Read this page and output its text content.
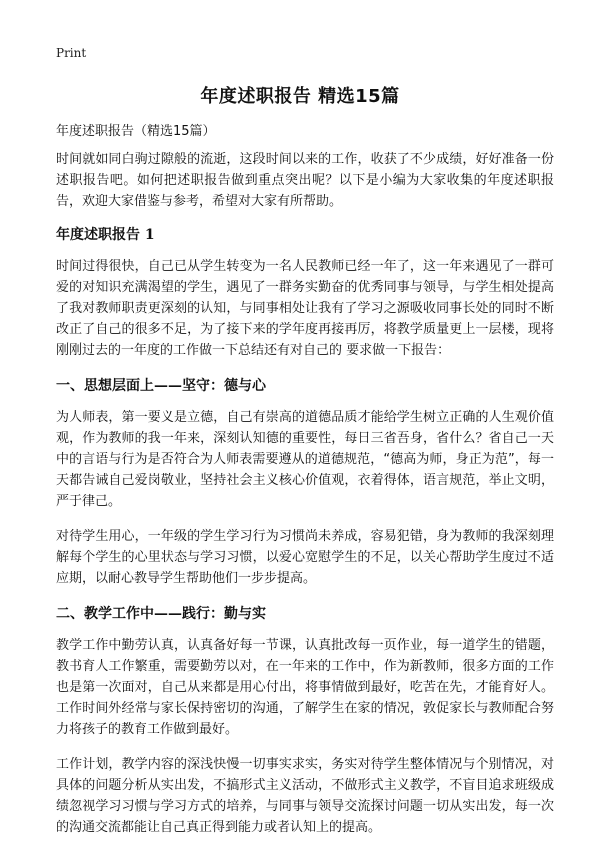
Print
年度述职报告 精选15篇
年度述职报告（精选15篇）

时间就如同白驹过隙般的流逝，这段时间以来的工作，收获了不少成绩，好好准备一份述职报告吧。如何把述职报告做到重点突出呢？以下是小编为大家收集的年度述职报告，欢迎大家借鉴与参考，希望对大家有所帮助。

年度述职报告 1

时间过得很快，自己已从学生转变为一名人民教师已经一年了，这一年来遇见了一群可爱的对知识充满渴望的学生，遇见了一群务实勤奋的优秀同事与领导，与学生相处提高了我对教师职责更深刻的认知，与同事相处让我有了学习之源吸收同事长处的同时不断改正了自己的很多不足，为了接下来的学年度再接再厉，将教学质量更上一层楼，现将刚刚过去的一年度的工作做一下总结还有对自己的 要求做一下报告：

一、思想层面上——坚守：德与心

为人师表，第一要义是立德，自己有崇高的道德品质才能给学生树立正确的人生观价值观，作为教师的我一年来，深刻认知德的重要性，每日三省吾身，省什么？省自己一天中的言语与行为是否符合为人师表需要遵从的道德规范，“德高为师，身正为范”，每一天都告诫自己爱岗敬业，坚持社会主义核心价值观，衣着得体，语言规范，举止文明，严于律己。

对待学生用心，一年级的学生学习行为习惯尚未养成，容易犯错，身为教师的我深刻理解每个学生的心里状态与学习习惯，以爱心宽慰学生的不足，以关心帮助学生度过不适应期，以耐心教导学生帮助他们一步步提高。

二、教学工作中——践行：勤与实

教学工作中勤劳认真，认真备好每一节课，认真批改每一页作业，每一道学生的错题，教书育人工作繁重，需要勤劳以对，在一年来的工作中，作为新教师，很多方面的工作也是第一次面对，自己从来都是用心付出，将事情做到最好，吃苦在先，才能育好人。工作时间外经常与家长保持密切的沟通，了解学生在家的情况，敦促家长与教师配合努力将孩子的教育工作做到最好。

工作计划，教学内容的深浅快慢一切事实求实，务实对待学生整体情况与个别情况，对具体的问题分析从实出发，不搞形式主义活动，不做形式主义教学，不盲目追求班级成绩忽视学习习惯与学习方式的培养，与同事与领导交流探讨问题一切从实出发，每一次的沟通交流都能让自己真正得到能力或者认知上的提高。
